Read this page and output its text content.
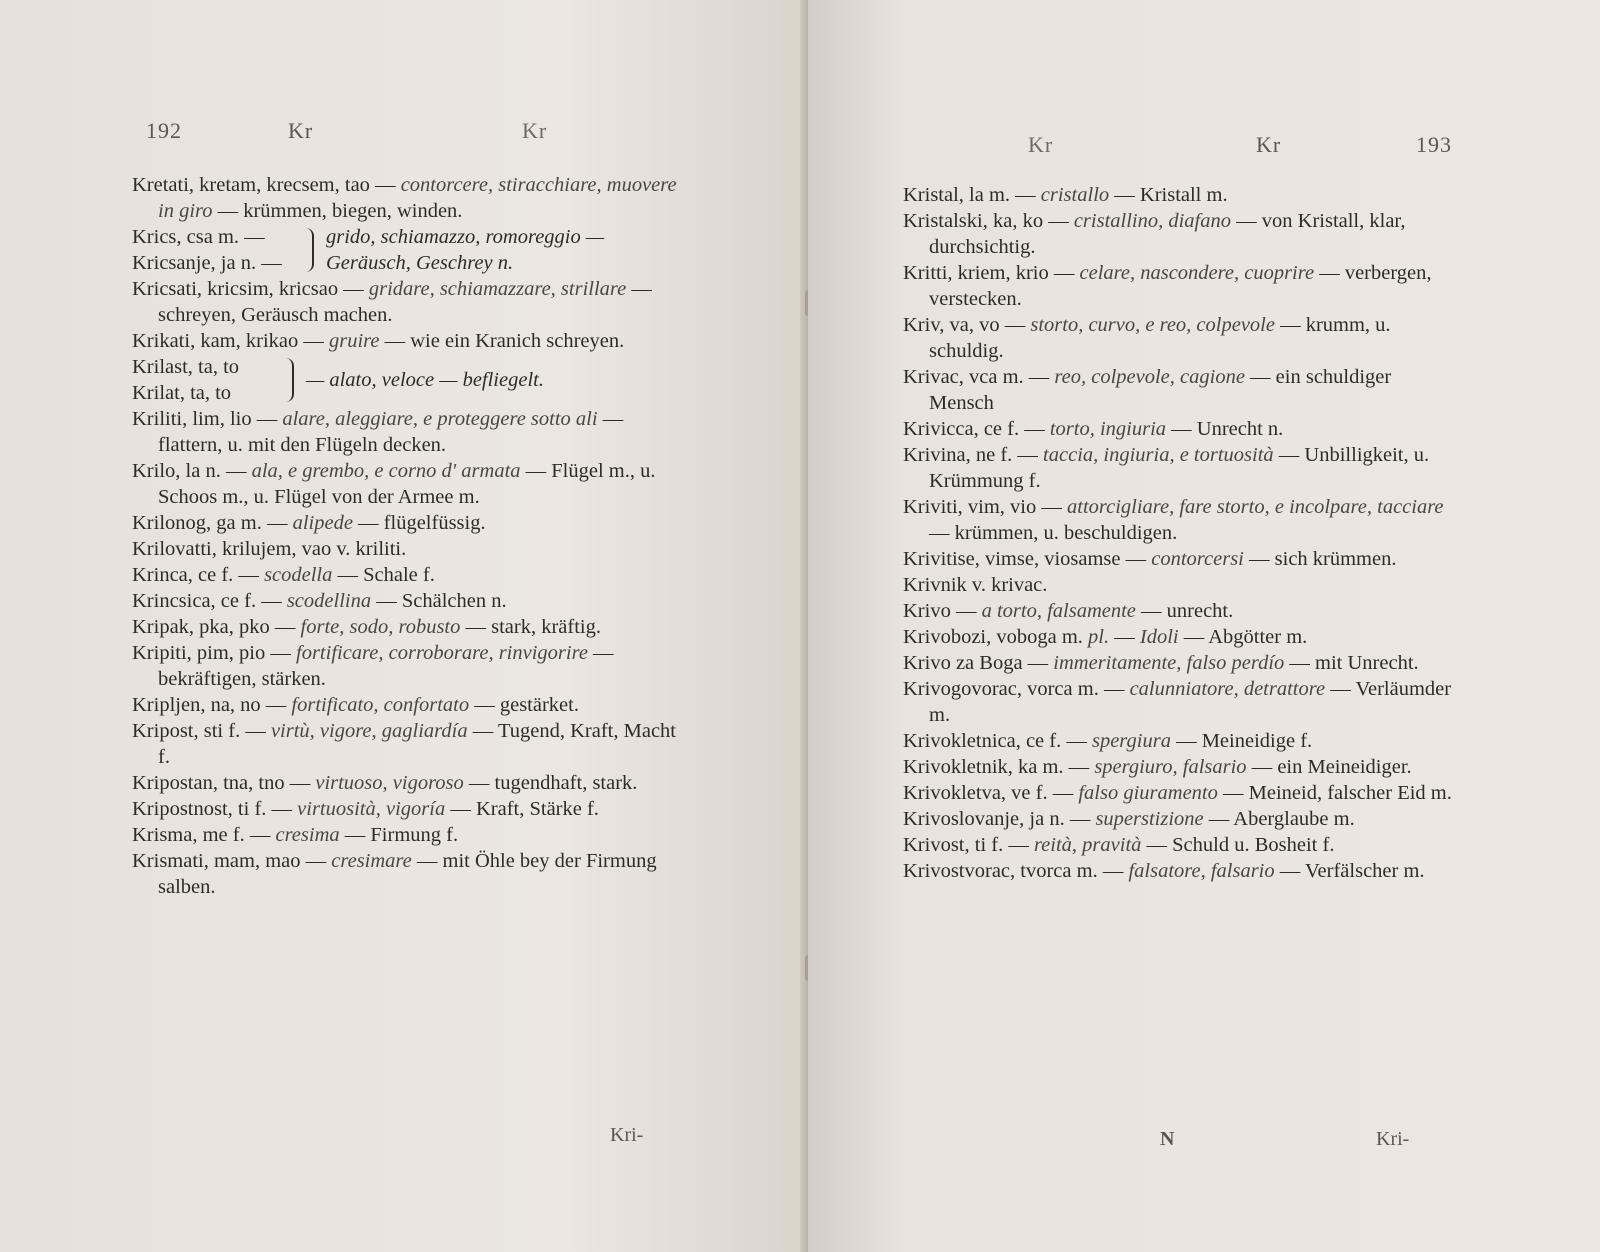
192	Kr	Kr

Kretati, kretam, krecsem, tao — contorcere, stiracchiare, muovere in giro — krümmen, biegen, winden.

Krics, csa m. —
Kricsanje, ja n. —
grido, schiamazzo, romoreggio — Geräusch, Geschrey n.

Kricsati, kricsim, kricsao — gridare, schiamazzare, strillare — schreyen, Geräusch machen.

Krikati, kam, krikao — gruire — wie ein Kranich schreyen.

Krilast, ta, to
Krilat, ta, to
— alato, veloce — befliegelt.

Kriliti, lim, lio — alare, aleggiare, e proteggere sotto ali — flattern, u. mit den Flügeln decken.

Krilo, la n. — ala, e grembo, e corno d' armata — Flügel m., u. Schoos m., u. Flügel von der Armee m.

Krilonog, ga m. — alipede — flügelfüssig.

Krilovatti, krilujem, vao v. kriliti.

Krinca, ce f. — scodella — Schale f.

Krincsica, ce f. — scodellina — Schälchen n.

Kripak, pka, pko — forte, sodo, robusto — stark, kräftig.

Kripiti, pim, pio — fortificare, corroborare, rinvigorire — bekräftigen, stärken.

Kripljen, na, no — fortificato, confortato — gestärket.

Kripost, sti f. — virtù, vigore, gagliardía — Tugend, Kraft, Macht f.

Kripostan, tna, tno — virtuoso, vigoroso — tugendhaft, stark.

Kripostnost, ti f. — virtuosità, vigoría — Kraft, Stärke f.

Krisma, me f. — cresima — Firmung f.

Krismati, mam, mao — cresimare — mit Öhle bey der Firmung salben.

Kri-
Kr	Kr	193

Kristal, la m. — cristallo — Kristall m.

Kristalski, ka, ko — cristallino, diafano — von Kristall, klar, durchsichtig.

Kritti, kriem, krio — celare, nascondere, cuoprire — verbergen, verstecken.

Kriv, va, vo — storto, curvo, e reo, colpevole — krumm, u. schuldig.

Krivac, vca m. — reo, colpevole, cagione — ein schuldiger Mensch

Krivicca, ce f. — torto, ingiuria — Unrecht n.

Krivina, ne f. — taccia, ingiuria, e tortuosità — Unbilligkeit, u. Krümmung f.

Kriviti, vim, vio — attorcigliare, fare storto, e incolpare, tacciare — krümmen, u. beschuldigen.

Krivitise, vimse, viosamse — contorcersi — sich krümmen.

Krivnik v. krivac.

Krivo — a torto, falsamente — unrecht.

Krivobozi, voboga m. pl. — Idoli — Abgötter m.

Krivo za Boga — immeritamente, falso perdío — mit Unrecht.

Krivogovorac, vorca m. — calunniatore, detrattore — Verläumder m.

Krivokletnica, ce f. — spergiura — Meineidige f.

Krivokletnik, ka m. — spergiuro, falsario — ein Meineidiger.

Krivokletva, ve f. — falso giuramento — Meineid, falscher Eid m.

Krivoslovanje, ja n. — superstizione — Aberglaube m.

Krivost, ti f. — reità, pravità — Schuld u. Bosheit f.

Krivostvorac, tvorca m. — falsatore, falsario — Verfälscher m.

N	Kri-
